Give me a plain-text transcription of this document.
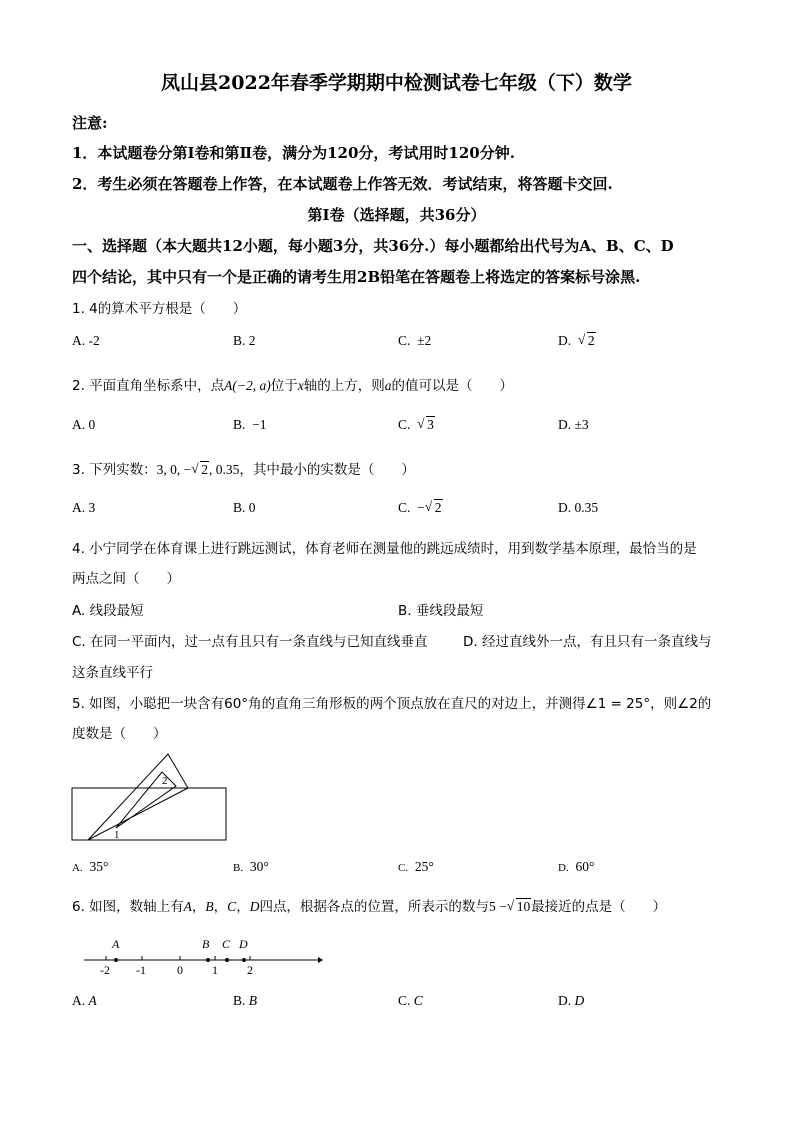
凤山县2022年春季学期期中检测试卷七年级（下）数学
注意:
1．本试题卷分第Ⅰ卷和第Ⅱ卷，满分为120分，考试用时120分钟.
2．考生必须在答题卷上作答，在本试题卷上作答无效．考试结束，将答题卡交回.
第Ⅰ卷（选择题，共36分）
一、选择题（本大题共12小题，每小题3分，共36分.）每小题都给出代号为A、B、C、D
四个结论，其中只有一个是正确的请考生用2B铅笔在答题卷上将选定的答案标号涂黑.
1. 4的算术平方根是（　　）
A. -2	B. 2	C. ±2	D. √ 2
2. 平面直角坐标系中，点A(−2, a)位于x轴的上方，则a的值可以是（　　）
A. 0	B. −1	C. √ 3	D. ±3
3. 下列实数：3, 0, − √ 2, 0.35，其中最小的实数是（　　）
A. 3	B. 0	C. − √ 2	D. 0.35
4. 小宁同学在体育课上进行跳远测试，体育老师在测量他的跳远成绩时，用到数学基本原理，最恰当的是
两点之间（　　）
A. 线段最短	B. 垂线段最短
C. 在同一平面内，过一点有且只有一条直线与已知直线垂直	D. 经过直线外一点，有且只有一条直线与
这条直线平行
5. 如图，小聪把一块含有60°角的直角三角形板的两个顶点放在直尺的对边上，并测得∠1 = 25°，则∠2的
度数是（　　）
2
1
A. 35°	B. 30°	C. 25°	D. 60°
6. 如图，数轴上有A，B，C，D四点，根据各点的位置，所表示的数与5 − √ 10最接近的点是（　　）
A	B C D
-2 -1	0 1 2
A. A	B. B	C. C	D. D
